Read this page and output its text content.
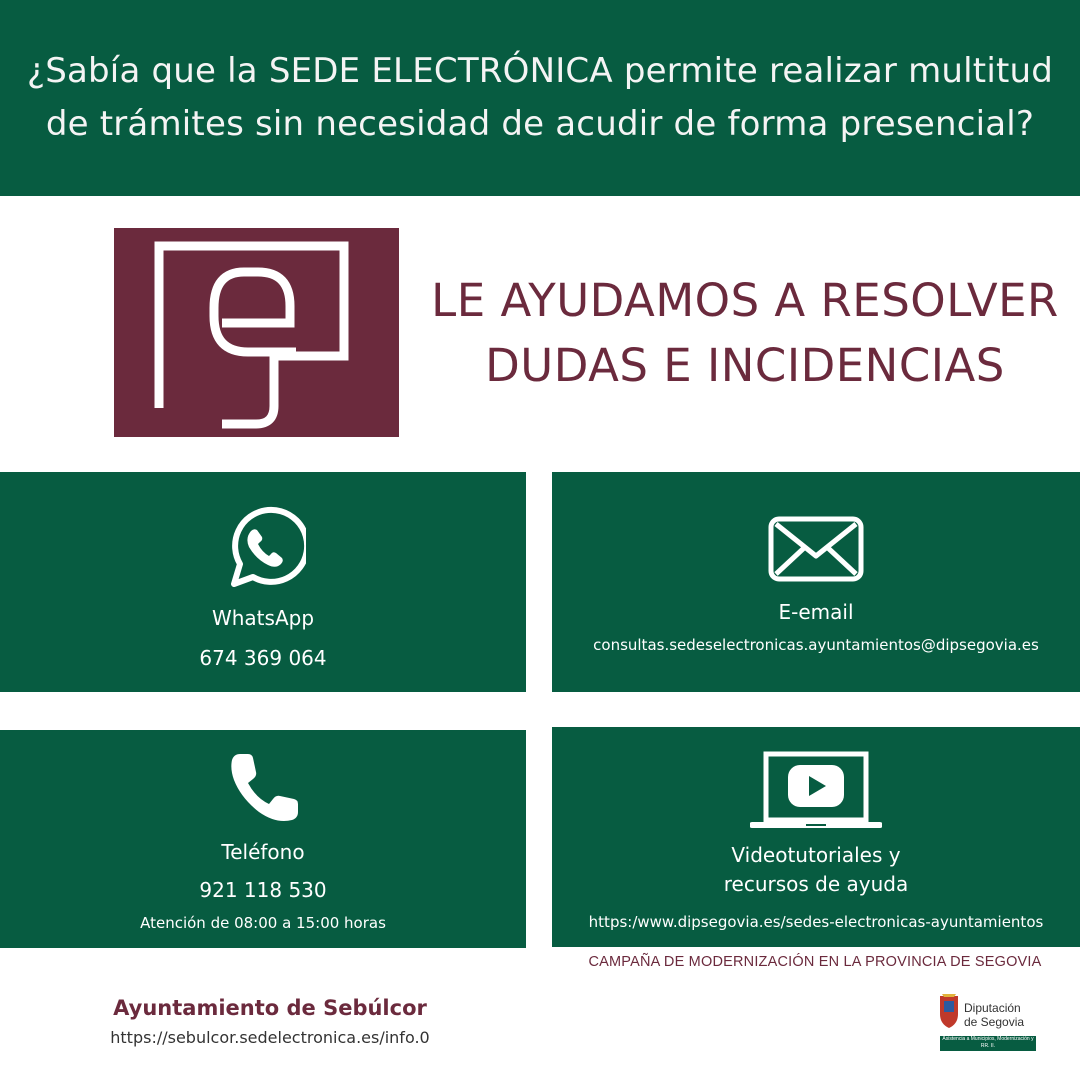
¿Sabía que la SEDE ELECTRÓNICA permite realizar multitud de trámites sin necesidad de acudir de forma presencial?
LE AYUDAMOS A RESOLVER
DUDAS E INCIDENCIAS
WhatsApp
674 369 064
E-email
consultas.sedeselectronicas.ayuntamientos@dipsegovia.es
Teléfono
921 118 530
Atención de 08:00 a 15:00 horas
Videotutoriales y
recursos de ayuda
https:/www.dipsegovia.es/sedes-electronicas-ayuntamientos
CAMPAÑA DE MODERNIZACIÓN EN LA PROVINCIA DE SEGOVIA
Ayuntamiento de Sebúlcor
https://sebulcor.sedelectronica.es/info.0
Diputación
de Segovia
Asistencia a Municipios, Modernización y RR. II.
